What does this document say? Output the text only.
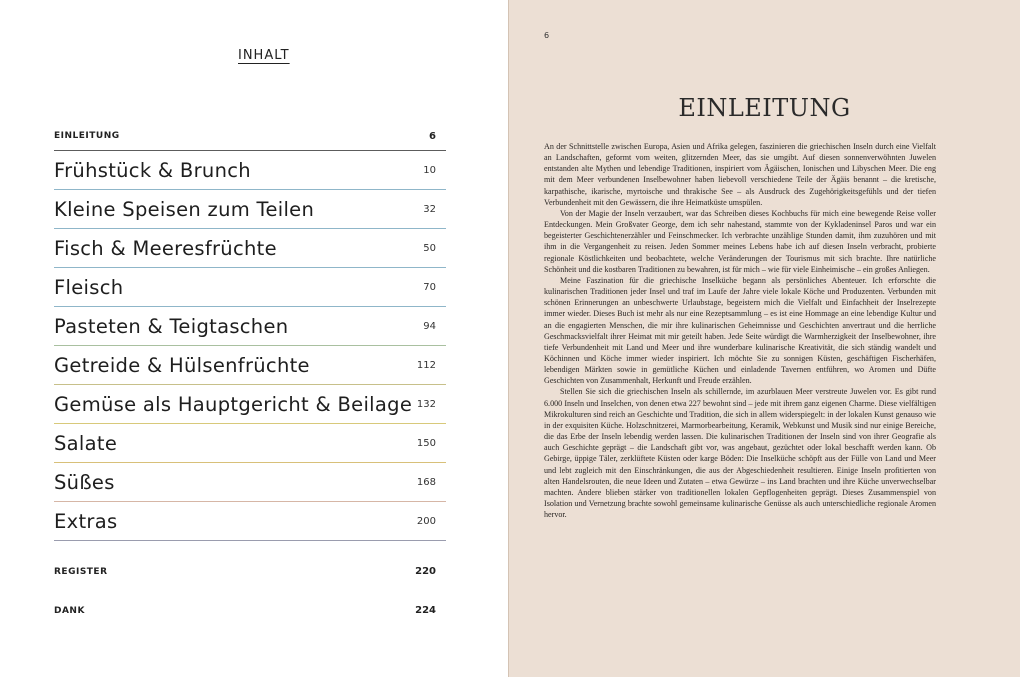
INHALT
EINLEITUNG	6
Frühstück & Brunch	10
Kleine Speisen zum Teilen	32
Fisch & Meeresfrüchte	50
Fleisch	70
Pasteten & Teigtaschen	94
Getreide & Hülsenfrüchte	112
Gemüse als Hauptgericht & Beilage 132
Salate	150
Süßes	168
Extras	200
REGISTER	220
DANK	224
6
EINLEITUNG

An der Schnittstelle zwischen Europa, Asien und Afrika gelegen, faszinieren die griechischen Inseln durch eine Vielfalt an Landschaften, geformt vom weiten, glitzernden Meer, das sie umgibt. Auf diesen sonnenverwöhnten Juwelen entstanden alte Mythen und lebendige Traditionen, inspiriert vom Ägäischen, Ionischen und Libyschen Meer. Die eng mit dem Meer verbundenen Inselbewohner haben liebevoll verschiedene Teile der Ägäis benannt – die kretische, karpathische, ikarische, myrtoische und thrakische See – als Ausdruck des Zugehörigkeitsgefühls und der tiefen Verbundenheit mit den Gewässern, die ihre Heimatküste umspülen.

Von der Magie der Inseln verzaubert, war das Schreiben dieses Kochbuchs für mich eine bewegende Reise voller Entdeckungen. Mein Großvater George, dem ich sehr nahestand, stammte von der Kykladeninsel Paros und war ein begeisterter Geschichtenerzähler und Feinschmecker. Ich verbrachte unzählige Stunden damit, ihm zuzuhören und mit ihm in die Vergangenheit zu reisen. Jeden Sommer meines Lebens habe ich auf diesen Inseln verbracht, probierte regionale Köstlichkeiten und beobachtete, welche Veränderungen der Tourismus mit sich brachte. Ihre natürliche Schönheit und die kostbaren Traditionen zu bewahren, ist für mich – wie für viele Einheimische – ein großes Anliegen.

Meine Faszination für die griechische Inselküche begann als persönliches Abenteuer. Ich erforschte die kulinarischen Traditionen jeder Insel und traf im Laufe der Jahre viele lokale Köche und Produzenten. Verbunden mit schönen Erinnerungen an unbeschwerte Urlaubstage, begeistern mich die Vielfalt und Einfachheit der Inselrezepte immer wieder. Dieses Buch ist mehr als nur eine Rezeptsammlung – es ist eine Hommage an eine lebendige Kultur und an die engagierten Menschen, die mir ihre kulinarischen Geheimnisse und Geschichten anvertraut und die herrliche Geschmacksvielfalt ihrer Heimat mit mir geteilt haben. Jede Seite würdigt die Warmherzigkeit der Inselbewohner, ihre tiefe Verbundenheit mit Land und Meer und ihre wunderbare kulinarische Kreativität, die sich ständig wandelt und Köchinnen und Köche immer wieder inspiriert. Ich möchte Sie zu sonnigen Küsten, geschäftigen Fischerhäfen, lebendigen Märkten sowie in gemütliche Küchen und einladende Tavernen entführen, wo Aromen und Düfte Geschichten von Zusammenhalt, Herkunft und Freude erzählen.

Stellen Sie sich die griechischen Inseln als schillernde, im azurblauen Meer verstreute Juwelen vor. Es gibt rund 6.000 Inseln und Inselchen, von denen etwa 227 bewohnt sind – jede mit ihrem ganz eigenen Charme. Diese vielfältigen Mikrokulturen sind reich an Geschichte und Tradition, die sich in allem widerspiegelt: in der lokalen Kunst genauso wie in der exquisiten Küche. Holzschnitzerei, Marmorbearbeitung, Keramik, Webkunst und Musik sind nur einige Bereiche, die das Erbe der Inseln lebendig werden lassen. Die kulinarischen Traditionen der Inseln sind von ihrer Geografie als auch Geschichte geprägt – die Landschaft gibt vor, was angebaut, gezüchtet oder lokal beschafft werden kann. Ob Gebirge, üppige Täler, zerklüftete Küsten oder karge Böden: Die Inselküche schöpft aus der Fülle von Land und Meer und lebt zugleich mit den Einschränkungen, die aus der Abgeschiedenheit resultieren. Einige Inseln profitierten von alten Handelsrouten, die neue Ideen und Zutaten – etwa Gewürze – ins Land brachten und ihre Küche unverwechselbar machten. Andere blieben stärker von traditionellen lokalen Gepflogenheiten geprägt. Dieses Zusammenspiel von Isolation und Vernetzung brachte sowohl gemeinsame kulinarische Genüsse als auch unterschiedliche regionale Aromen hervor.
